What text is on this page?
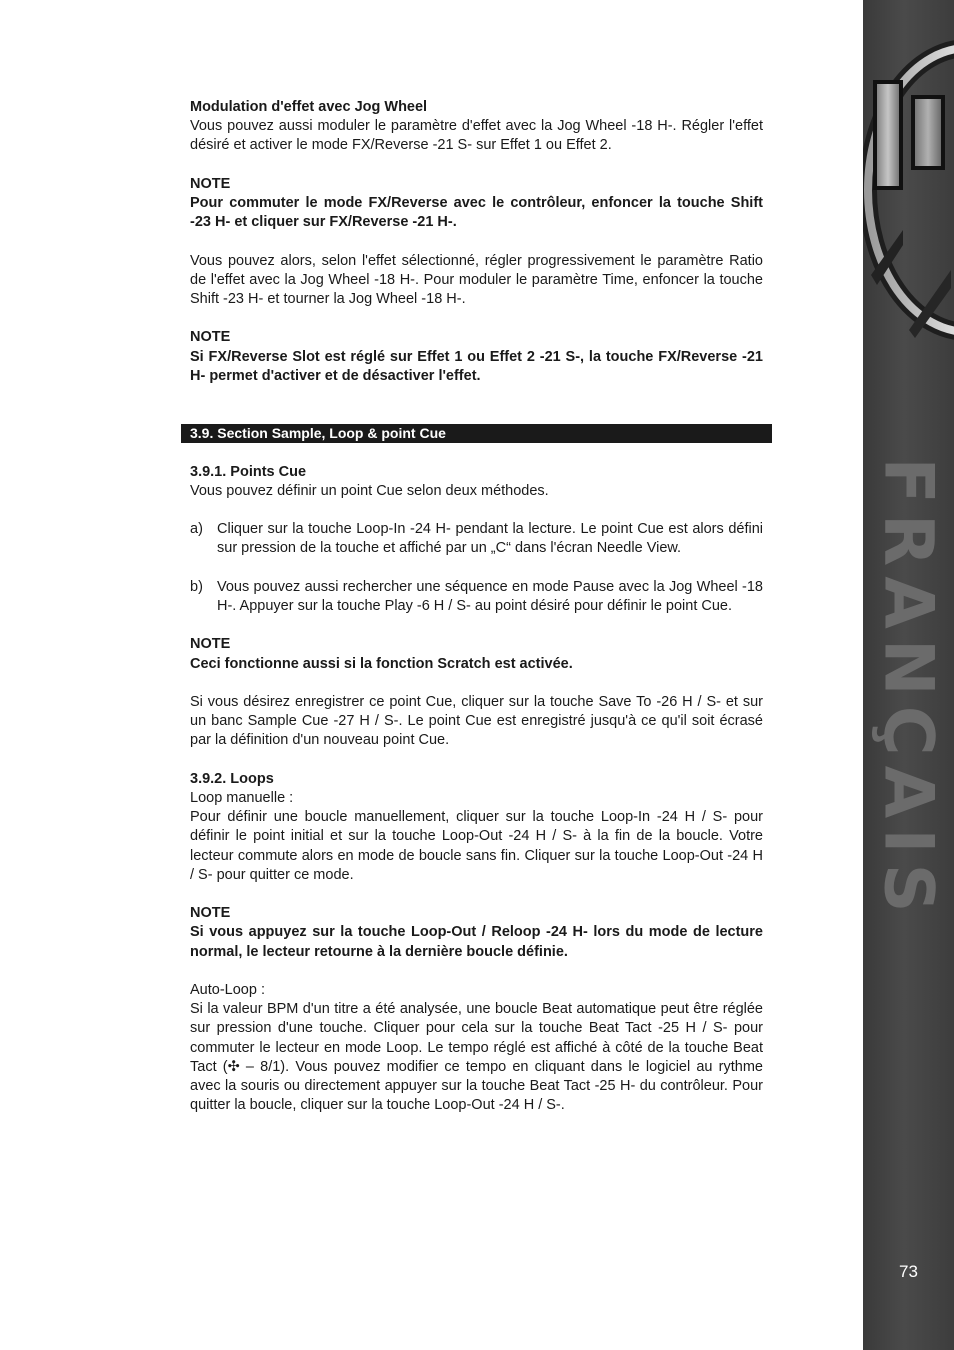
FRANÇAIS
73

Modulation d'effet avec Jog Wheel

Vous pouvez aussi moduler le paramètre d'effet avec la Jog Wheel -18 H-. Régler l'effet désiré et activer le mode FX/Reverse -21 S- sur Effet 1 ou Effet 2.

NOTE

Pour commuter le mode FX/Reverse avec le contrôleur, enfoncer la touche Shift -23 H- et cliquer sur FX/Reverse -21 H-.

Vous pouvez alors, selon l'effet sélectionné, régler progressivement le paramètre Ratio de l'effet avec la Jog Wheel -18 H-. Pour moduler le paramètre Time, enfoncer la touche Shift -23 H- et tourner la Jog Wheel -18 H-.

NOTE

Si FX/Reverse Slot est réglé sur Effet 1 ou Effet 2 -21 S-, la touche FX/Reverse -21 H- permet d'activer et de désactiver l'effet.

3.9. Section Sample, Loop & point Cue

3.9.1. Points Cue

Vous pouvez définir un point Cue selon deux méthodes.

a) Cliquer sur la touche Loop-In -24 H- pendant la lecture. Le point Cue est alors défini sur pression de la touche et affiché par un „C“ dans l'écran Needle View.
b) Vous pouvez aussi rechercher une séquence en mode Pause avec la Jog Wheel -18 H-. Appuyer sur la touche Play -6 H / S- au point désiré pour définir le point Cue.

NOTE

Ceci fonctionne aussi si la fonction Scratch est activée.

Si vous désirez enregistrer ce point Cue, cliquer sur la touche Save To -26 H / S- et sur un banc Sample Cue -27 H / S-. Le point Cue est enregistré jusqu'à ce qu'il soit écrasé par la définition d'un nouveau point Cue.

3.9.2. Loops

Loop manuelle :

Pour définir une boucle manuellement, cliquer sur la touche Loop-In -24 H / S- pour définir le point initial et sur la touche Loop-Out -24 H / S- à la fin de la boucle. Votre lecteur commute alors en mode de boucle sans fin. Cliquer sur la touche Loop-Out -24 H / S- pour quitter ce mode.

NOTE

Si vous appuyez sur la touche Loop-Out / Reloop -24 H- lors du mode de lecture normal, le lecteur retourne à la dernière boucle définie.

Auto-Loop :

Si la valeur BPM d'un titre a été analysée, une boucle Beat automatique peut être réglée sur pression d'une touche. Cliquer pour cela sur la touche Beat Tact -25 H / S- pour commuter le lecteur en mode Loop. Le tempo réglé est affiché à côté de la touche Beat Tact (✣ – 8/1). Vous pouvez modifier ce tempo en cliquant dans le logiciel au rythme avec la souris ou directement appuyer sur la touche Beat Tact -25 H- du contrôleur. Pour quitter la boucle, cliquer sur la touche Loop-Out -24 H / S-.
